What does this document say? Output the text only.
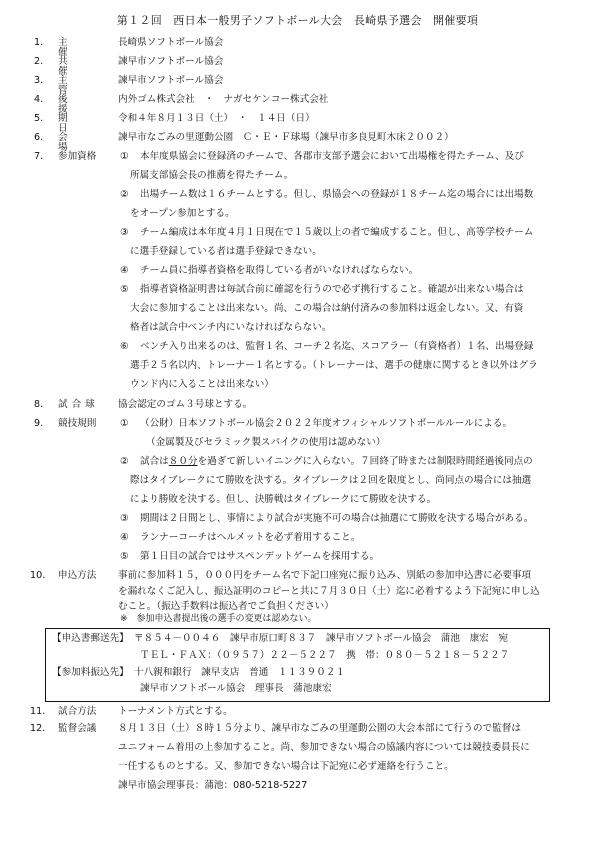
第１２回　西日本一般男子ソフトボール大会　長崎県予選会　開催要項
1. 主　　催
長崎県ソフトボール協会
2. 共　　催
諫早市ソフトボール協会
3. 主　　管
諫早市ソフトボール協会
4. 後　　援
内外ゴム株式会社　・　ナガセケンコー株式会社
5. 期　　日
令和４年８月１３日（土）　・　１４日（日）
6. 会　　場
諫早市なごみの里運動公園　Ｃ・Ｅ・Ｆ球場（諫早市多良見町木床２００２）
7. 参加資格 ① 本年度県協会に登録済のチームで、各郡市支部予選会において出場権を得たチーム、及び
所属支部協会長の推薦を得たチーム。
② 出場チーム数は１６チームとする。但し、県協会への登録が１８チーム迄の場合には出場数
をオープン参加とする。
③ チーム編成は本年度４月１日現在で１５歳以上の者で編成すること。但し、高等学校チーム
に選手登録している者は選手登録できない。
④ チーム員に指導者資格を取得している者がいなければならない。
⑤ 指導者資格証明書は毎試合前に確認を行うので必ず携行すること。確認が出来ない場合は
大会に参加することは出来ない。尚、この場合は納付済みの参加料は返金しない。又、有資
格者は試合中ベンチ内にいなければならない。
⑥ ベンチ入り出来るのは、監督１名、コーチ２名迄、スコアラー（有資格者）１名、出場登録
選手２５名以内、トレーナー１名とする。（トレーナーは、選手の健康に関するとき以外はグラ
ウンド内に入ることは出来ない）
8. 試合球 協会認定のゴム３号球とする。
9. 競技規則 ① （公財）日本ソフトボール協会２０２２年度オフィシャルソフトボールルールによる。
（金属製及びセラミック製スパイクの使用は認めない）
② 試合は８０分を過ぎて新しいイニングに入らない。７回終了時または制限時間経過後同点の
際はタイブレークにて勝敗を決する。タイブレークは２回を限度とし、尚同点の場合には抽選
により勝敗を決する。但し、決勝戦はタイブレークにて勝敗を決する。
③ 期間は２日間とし、事情により試合が実施不可の場合は抽選にて勝敗を決する場合がある。
④ ランナーコーチはヘルメットを必ず着用すること。
⑤ 第１日目の試合ではサスペンデットゲームを採用する。
10. 申込方法 事前に参加料１５，０００円をチーム名で下記口座宛に振り込み、別紙の参加申込書に必要事項
を漏れなくご記入し、振込証明のコピーと共に７月３０日（土）迄に必着するよう下記宛に申し込
むこと。（振込手数料は振込者でご負担ください）
※　参加申込書提出後の選手の変更は認めない。
【申込書郵送先】 〒８５４－００４６　諫早市原口町８３７　諫早市ソフトボール協会　蒲池　康宏　宛
ＴＥＬ・ＦＡＸ：（０９５７）２２－５２２７　携　帯：０８０－５２１８－５２２７
【参加料振込先】 十八親和銀行　諫早支店　普通　１１３９０２１
諫早市ソフトボール協会　理事長　蒲池康宏
11. 試合方法 トーナメント方式とする。
12. 監督会議 ８月１３日（土）８時１５分より、諫早市なごみの里運動公園の大会本部にて行うので監督は
ユニフォーム着用の上参加すること。尚、参加できない場合の協議内容については競技委員長に
一任するものとする。又、参加できない場合は下記宛に必ず連絡を行うこと。
諫早市協会理事長：蒲池：080-5218-5227
